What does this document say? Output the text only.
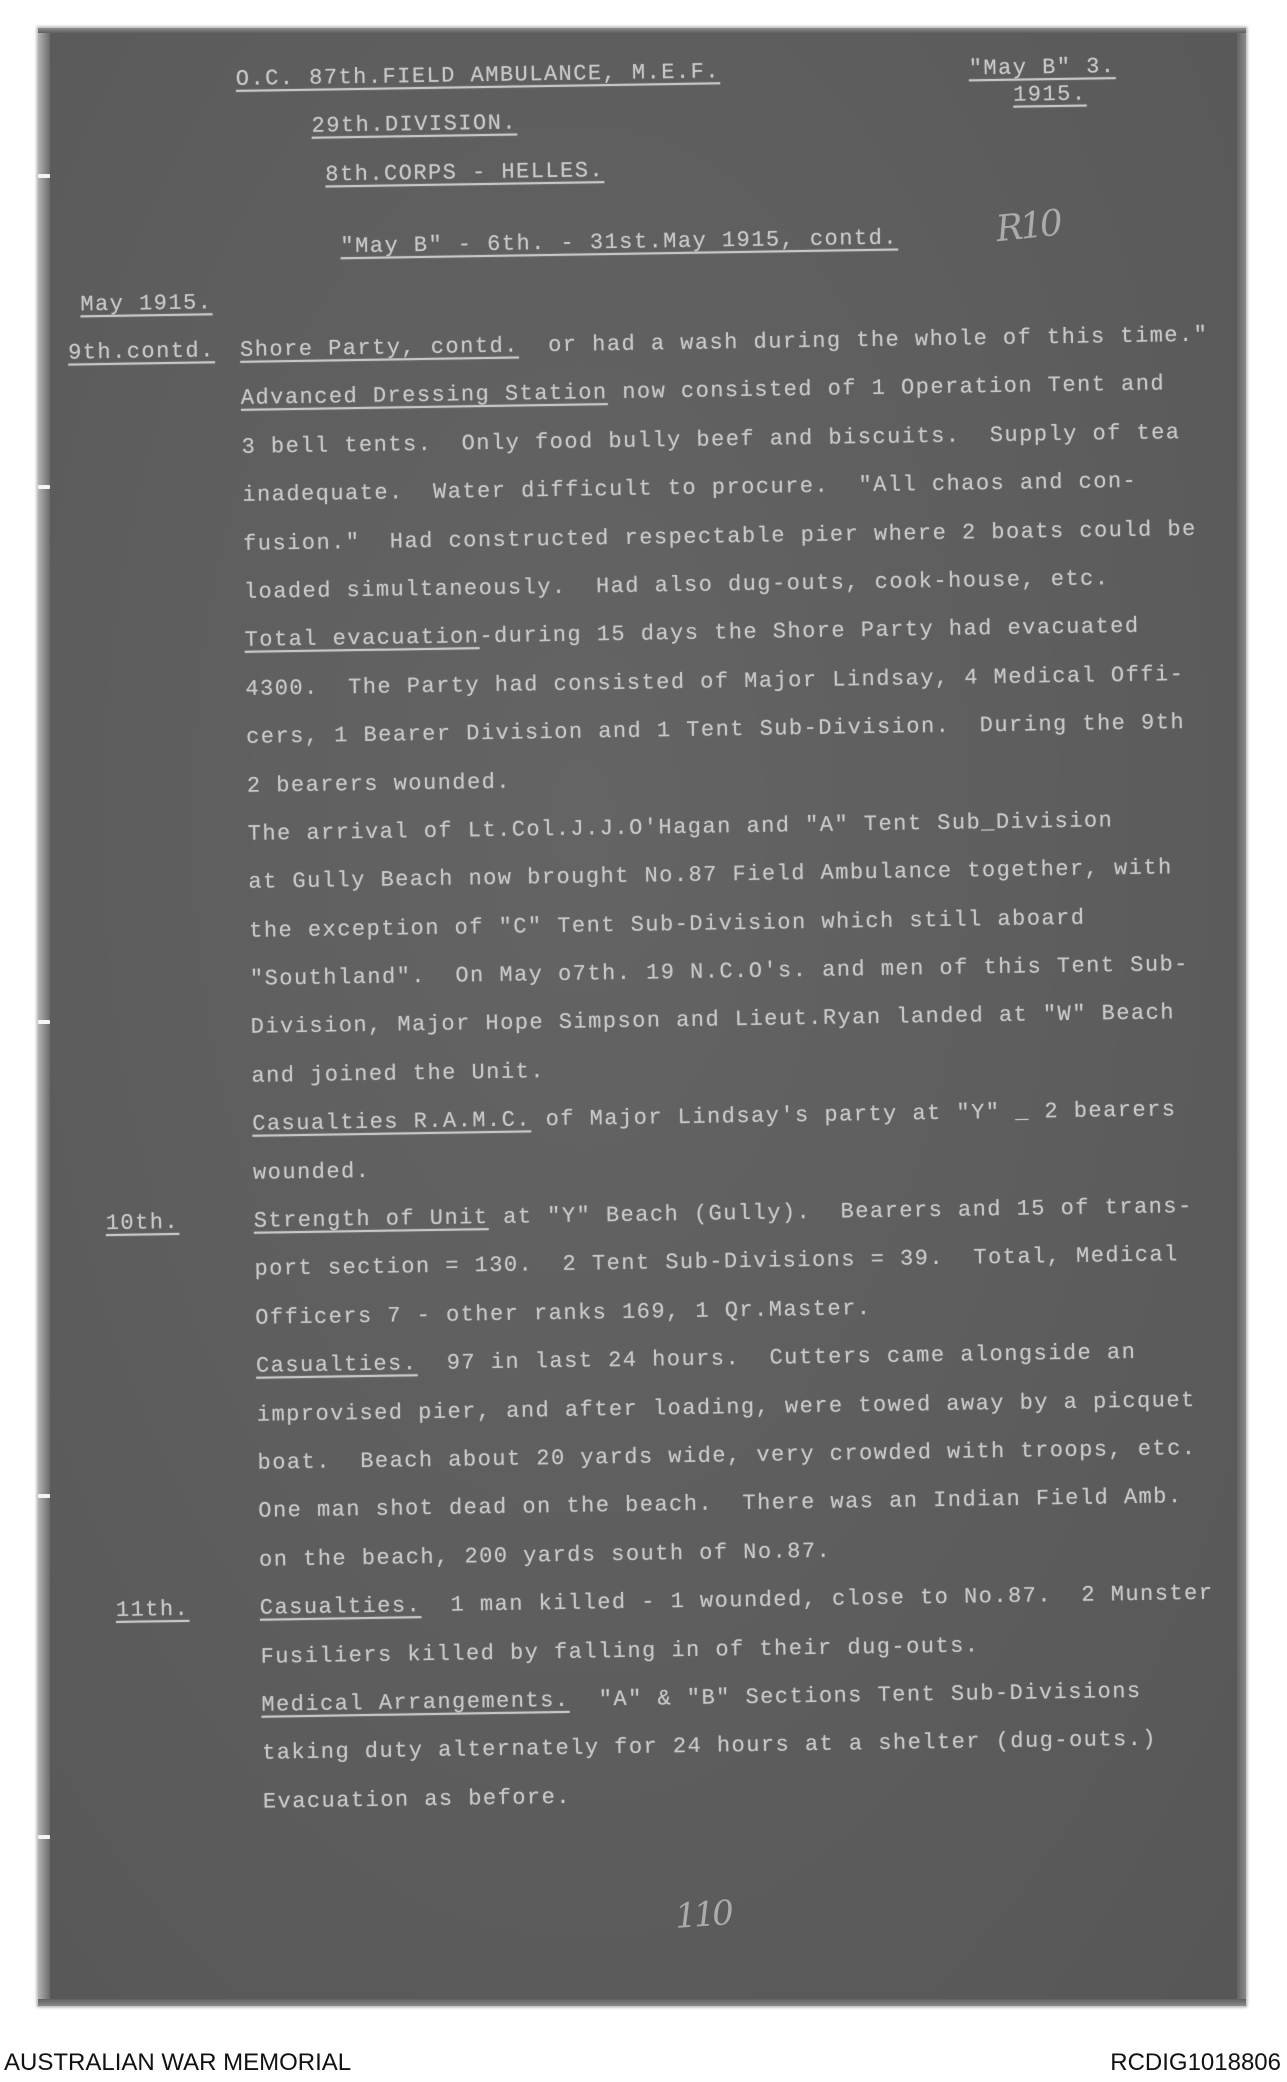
O.C. 87th.FIELD AMBULANCE, M.E.F.
29th.DIVISION.
8th.CORPS - HELLES.
"May B" - 6th. - 31st.May 1915, contd.
"May B" 3.
1915.
May 1915.
9th.contd. Shore Party, contd.  or had a wash during the whole of this time."
Advanced Dressing Station now consisted of 1 Operation Tent and
3 bell tents.  Only food bully beef and biscuits.  Supply of tea
inadequate.  Water difficult to procure.  "All chaos and con-
fusion."  Had constructed respectable pier where 2 boats could be
loaded simultaneously.  Had also dug-outs, cook-house, etc.
Total evacuation-during 15 days the Shore Party had evacuated
4300.  The Party had consisted of Major Lindsay, 4 Medical Offi-
cers, 1 Bearer Division and 1 Tent Sub-Division.  During the 9th
2 bearers wounded.
The arrival of Lt.Col.J.J.O'Hagan and "A" Tent Sub_Division
at Gully Beach now brought No.87 Field Ambulance together, with
the exception of "C" Tent Sub-Division which still aboard
"Southland".  On May o7th. 19 N.C.O's. and men of this Tent Sub-
Division, Major Hope Simpson and Lieut.Ryan landed at "W" Beach
and joined the Unit.
Casualties R.A.M.C. of Major Lindsay's party at "Y" _ 2 bearers
wounded.
10th.	Strength of Unit at "Y" Beach (Gully).  Bearers and 15 of trans-
port section = 130.  2 Tent Sub-Divisions = 39.  Total, Medical
Officers 7 - other ranks 169, 1 Qr.Master.
Casualties.  97 in last 24 hours.  Cutters came alongside an
improvised pier, and after loading, were towed away by a picquet
boat.  Beach about 20 yards wide, very crowded with troops, etc.
One man shot dead on the beach.  There was an Indian Field Amb.
on the beach, 200 yards south of No.87.
11th.	Casualties.  1 man killed - 1 wounded, close to No.87.  2 Munster
Fusiliers killed by falling in of their dug-outs.
Medical Arrangements.  "A" & "B" Sections Tent Sub-Divisions
taking duty alternately for 24 hours at a shelter (dug-outs.)
Evacuation as before.
R10
110
AUSTRALIAN WAR MEMORIAL	RCDIG1018806
